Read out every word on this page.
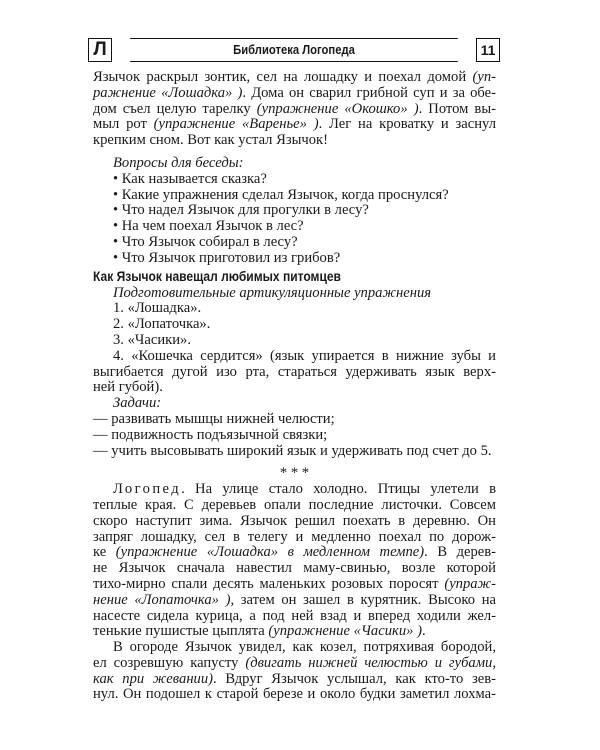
Л	Библиотека Логопеда	11
Язычок раскрыл зонтик, сел на лошадку и поехал домой (уп-
ражнение «Лошадка» ). Дома он сварил грибной суп и за обе-
дом съел целую тарелку (упражнение «Окошко» ). Потом вы-
мыл рот (упражнение «Варенье» ). Лег на кроватку и заснул
крепким сном. Вот как устал Язычок!
Вопросы для беседы:
• Как называется сказка?
• Какие упражнения сделал Язычок, когда проснулся?
• Что надел Язычок для прогулки в лесу?
• На чем поехал Язычок в лес?
• Что Язычок собирал в лесу?
• Что Язычок приготовил из грибов?
Как Язычок навещал любимых питомцев
Подготовительные артикуляционные упражнения
1. «Лошадка».
2. «Лопаточка».
3. «Часики».
4. «Кошечка сердится» (язык упирается в нижние зубы и
выгибается дугой изо рта, стараться удерживать язык верх-
ней губой).
Задачи:
— развивать мышцы нижней челюсти;
— подвижность подъязычной связки;
— учить высовывать широкий язык и удерживать под счет до 5.
* * *
Логопед. На улице стало холодно. Птицы улетели в
теплые края. С деревьев опали последние листочки. Совсем
скоро наступит зима. Язычок решил поехать в деревню. Он
запряг лошадку, сел в телегу и медленно поехал по дорож-
ке (упражнение «Лошадка» в медленном темпе). В дерев-
не Язычок сначала навестил маму-свинью, возле которой
тихо-мирно спали десять маленьких розовых поросят (упраж-
нение «Лопаточка» ), затем он зашел в курятник. Высоко на
насесте сидела курица, а под ней взад и вперед ходили жел-
тенькие пушистые цыплята (упражнение «Часики» ).
В огороде Язычок увидел, как козел, потряхивая бородой,
ел созревшую капусту (двигать нижней челюстью и губами,
как при жевании). Вдруг Язычок услышал, как кто-то зев-
нул. Он подошел к старой березе и около будки заметил лохма-
